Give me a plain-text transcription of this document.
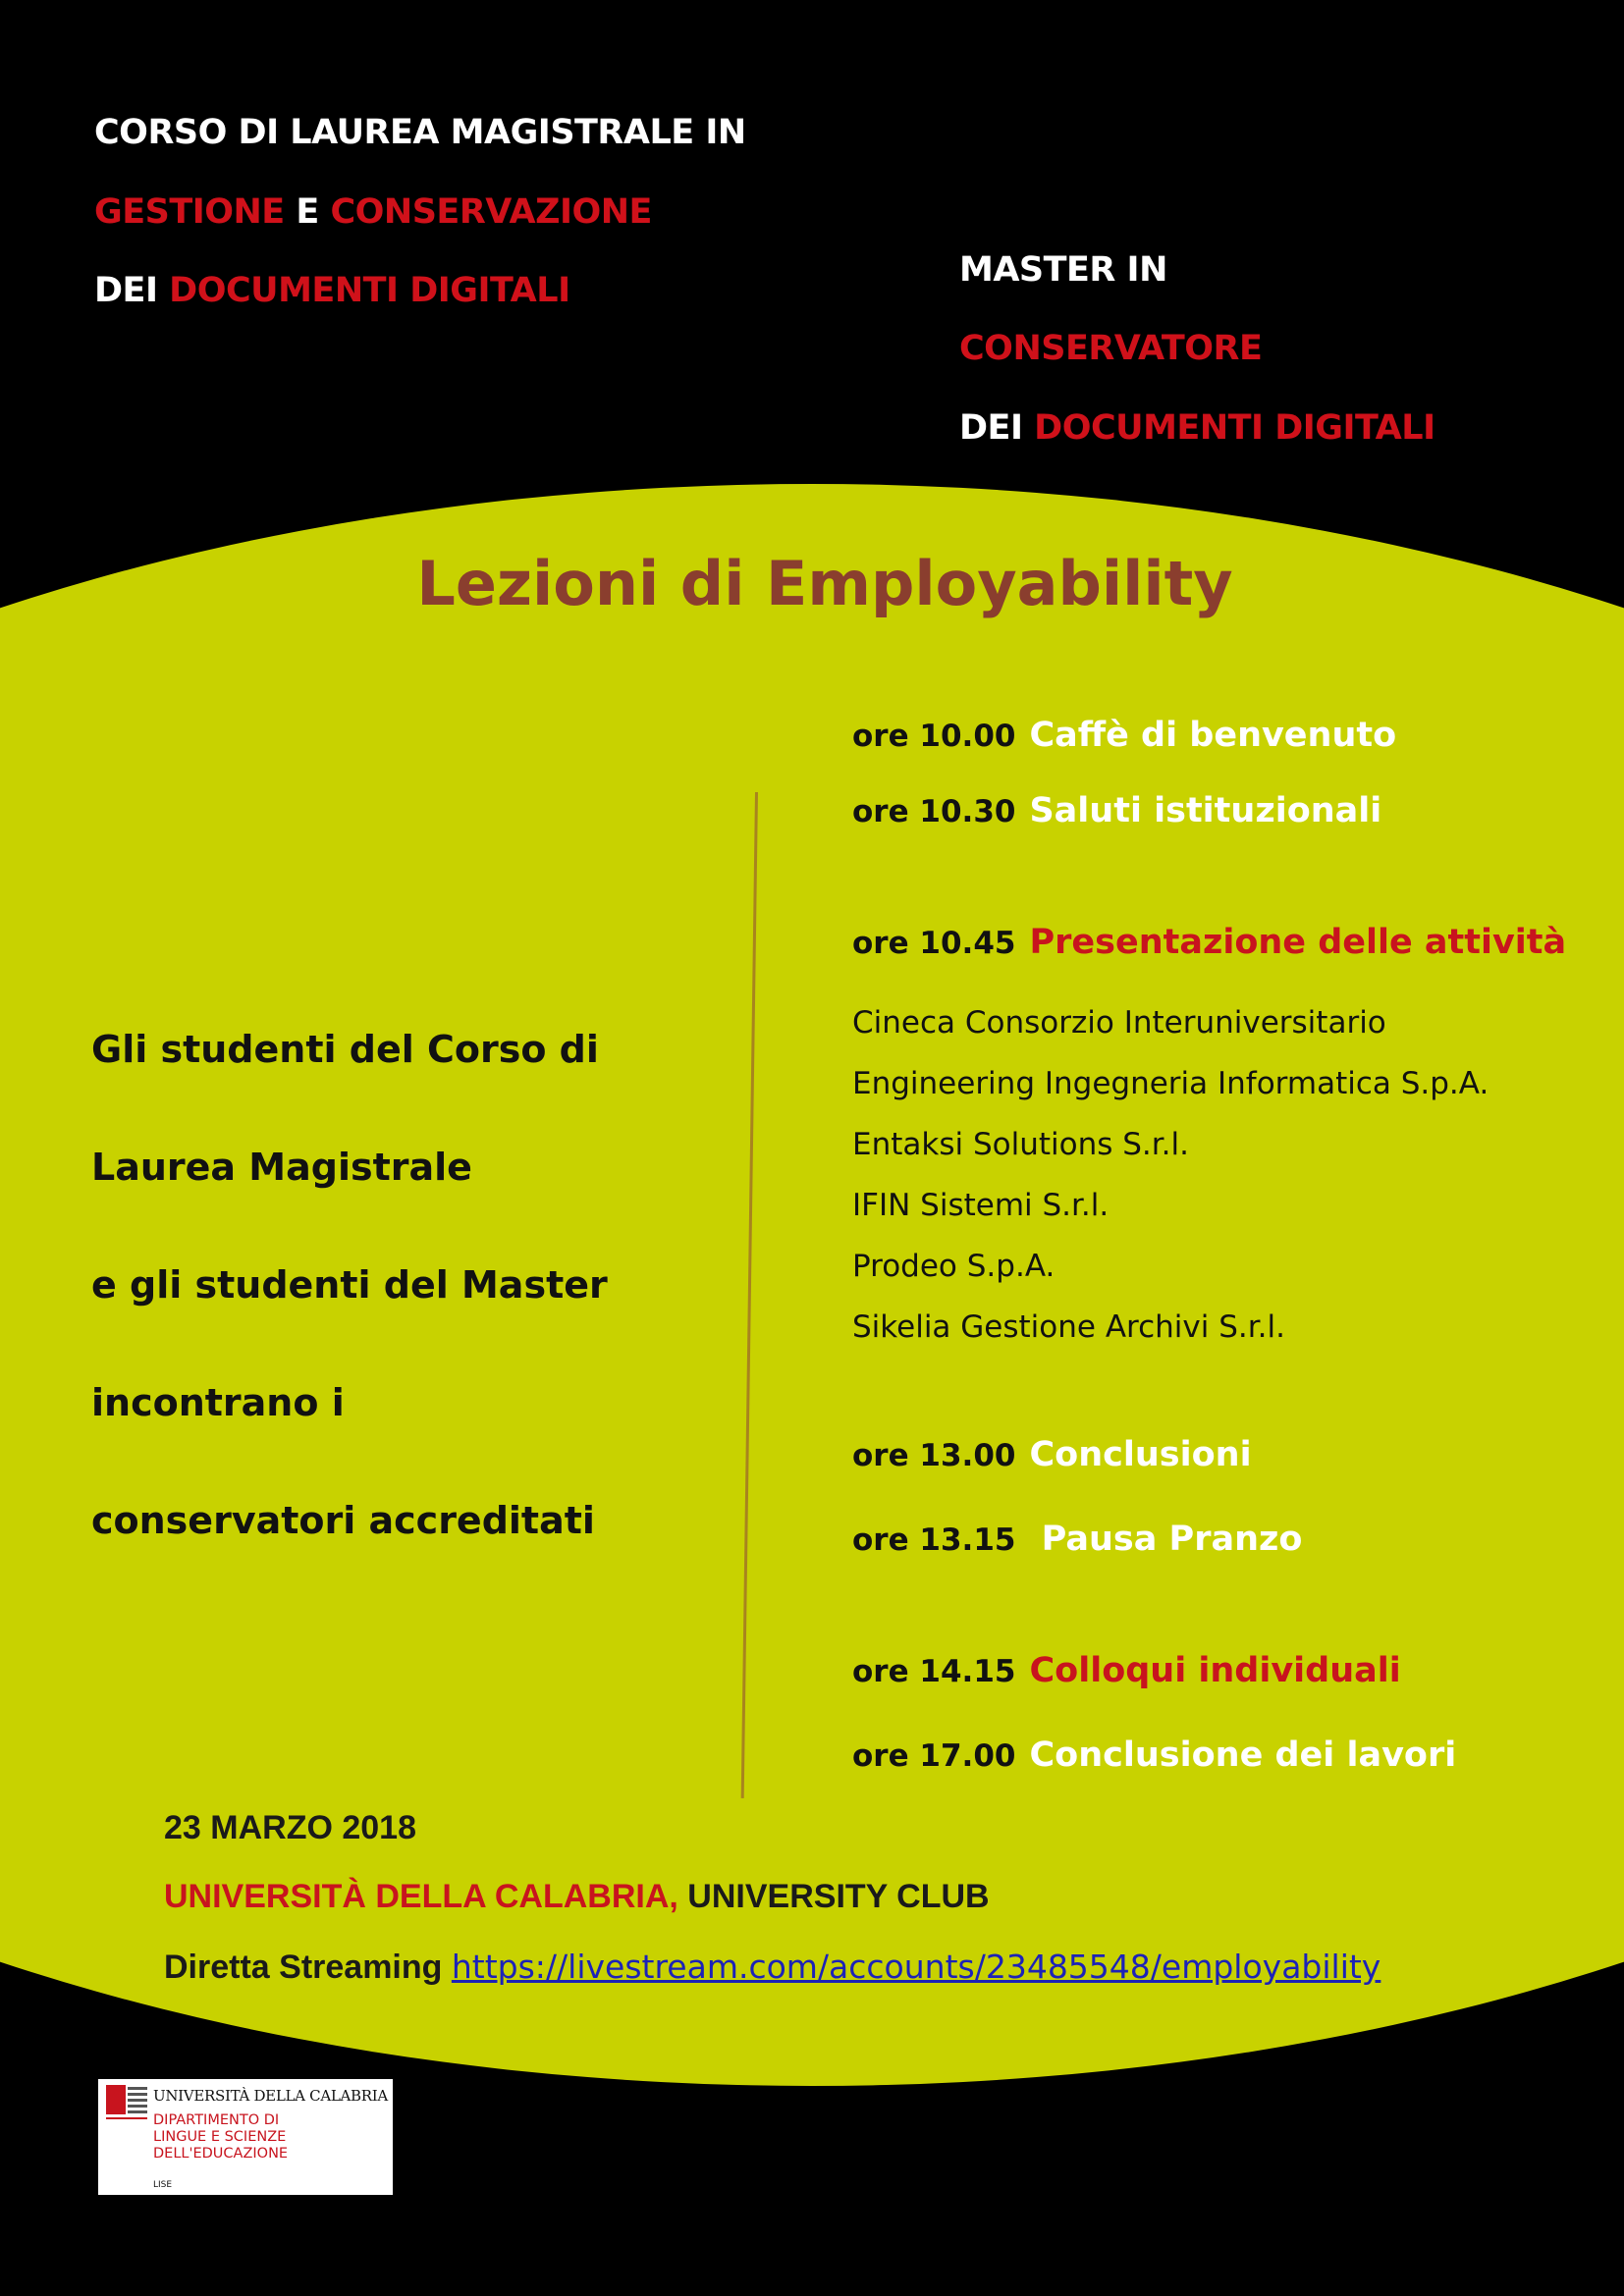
CORSO DI LAUREA MAGISTRALE IN
GESTIONE E CONSERVAZIONE
DEI DOCUMENTI DIGITALI
MASTER IN
CONSERVATORE
DEI DOCUMENTI DIGITALI
Lezioni di Employability
Gli studenti del Corso di
Laurea Magistrale
e gli studenti del Master
incontrano i
conservatori accreditati
ore 10.00 Caffè di benvenuto
ore 10.30 Saluti istituzionali
ore 10.45 Presentazione delle attività
Cineca Consorzio Interuniversitario
Engineering Ingegneria Informatica S.p.A.
Entaksi Solutions S.r.l.
IFIN Sistemi S.r.l.
Prodeo S.p.A.
Sikelia Gestione Archivi S.r.l.
ore 13.00 Conclusioni
ore 13.15 Pausa Pranzo
ore 14.15 Colloqui individuali
ore 17.00 Conclusione dei lavori
23 MARZO 2018
UNIVERSITÀ DELLA CALABRIA, UNIVERSITY CLUB
Diretta Streaming https://livestream.com/accounts/23485548/employability
UNIVERSITÀ DELLA CALABRIA
DIPARTIMENTO DI
LINGUE E SCIENZE
DELL'EDUCAZIONE
LISE
